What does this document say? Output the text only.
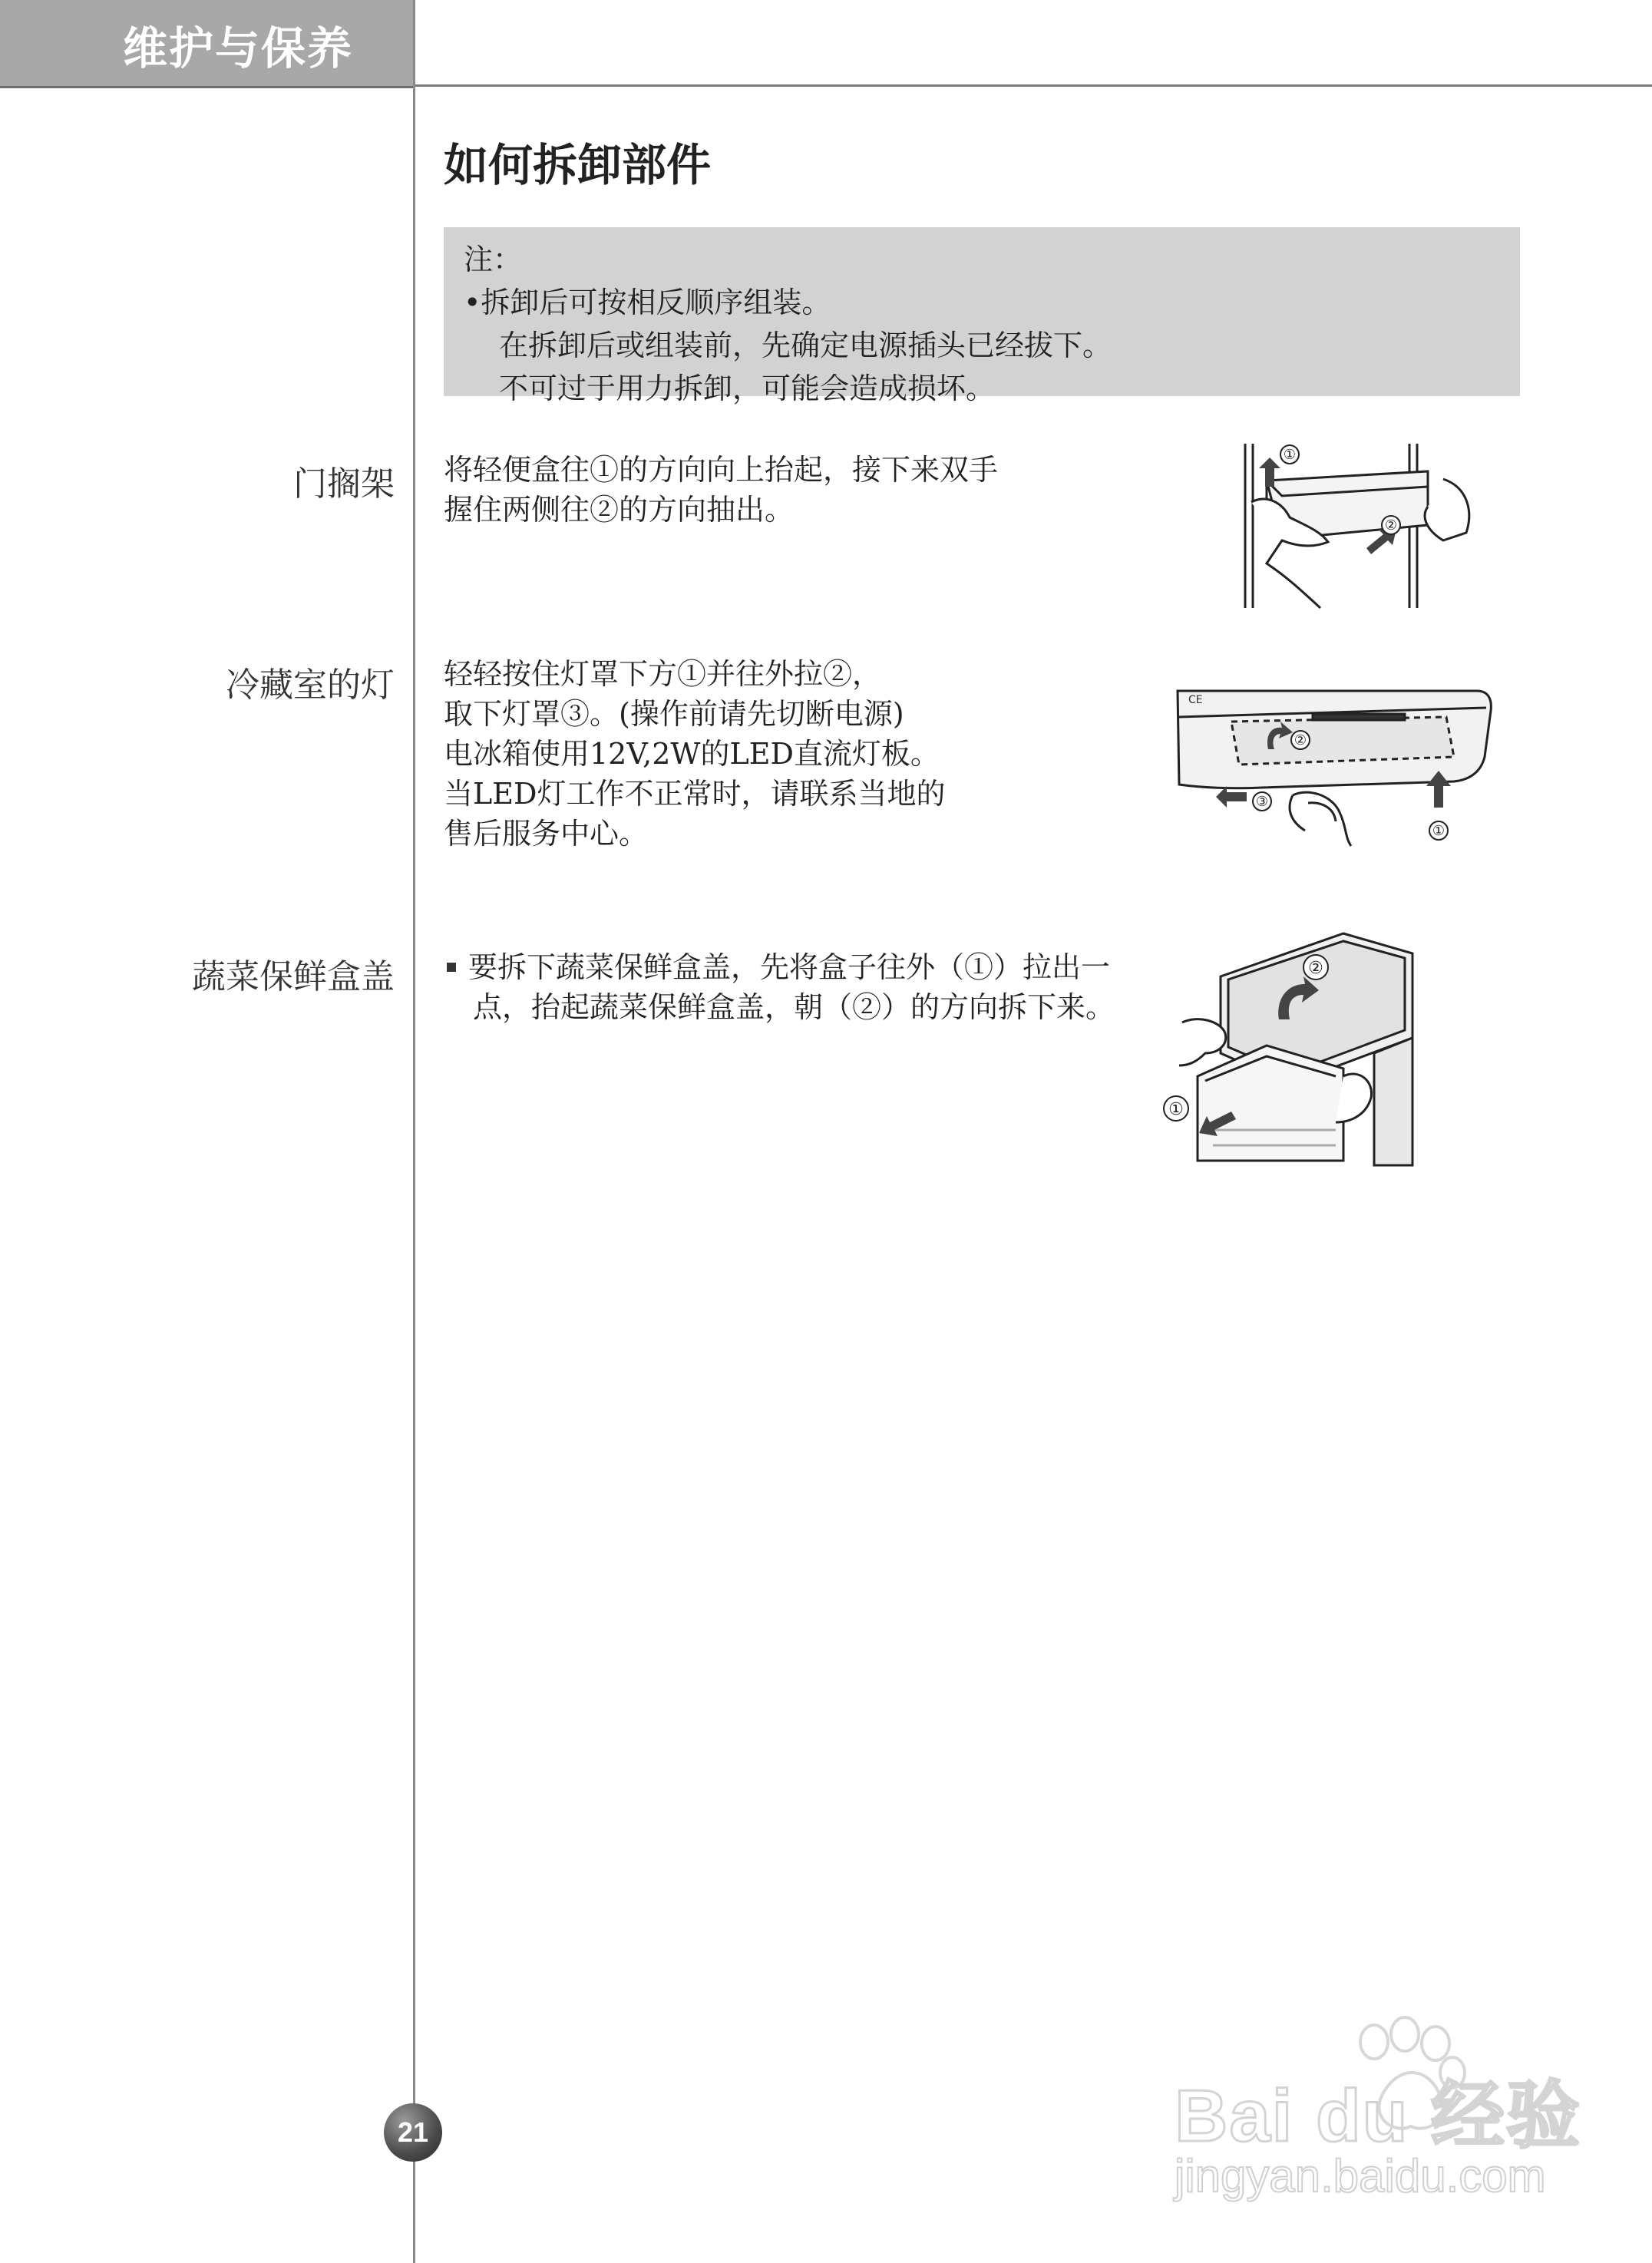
维护与保养
如何拆卸部件
注：
•拆卸后可按相反顺序组装。
在拆卸后或组装前，先确定电源插头已经拔下。
不可过于用力拆卸，可能会造成损坏。
门搁架 将轻便盒往①的方向向上抬起，接下来双手
握住两侧往②的方向抽出。
①
②
冷藏室的灯 轻轻按住灯罩下方①并往外拉②，
取下灯罩③。(操作前请先切断电源)
电冰箱使用12V,2W的LED直流灯板。
当LED灯工作不正常时，请联系当地的
售后服务中心。
CE
②
①
③
蔬菜保鲜盒盖	要拆下蔬菜保鲜盒盖，先将盒子往外（①）拉出一
点，抬起蔬菜保鲜盒盖，朝（②）的方向拆下来。
②
①
21	Bai du 经验
jingyan.baidu.com
